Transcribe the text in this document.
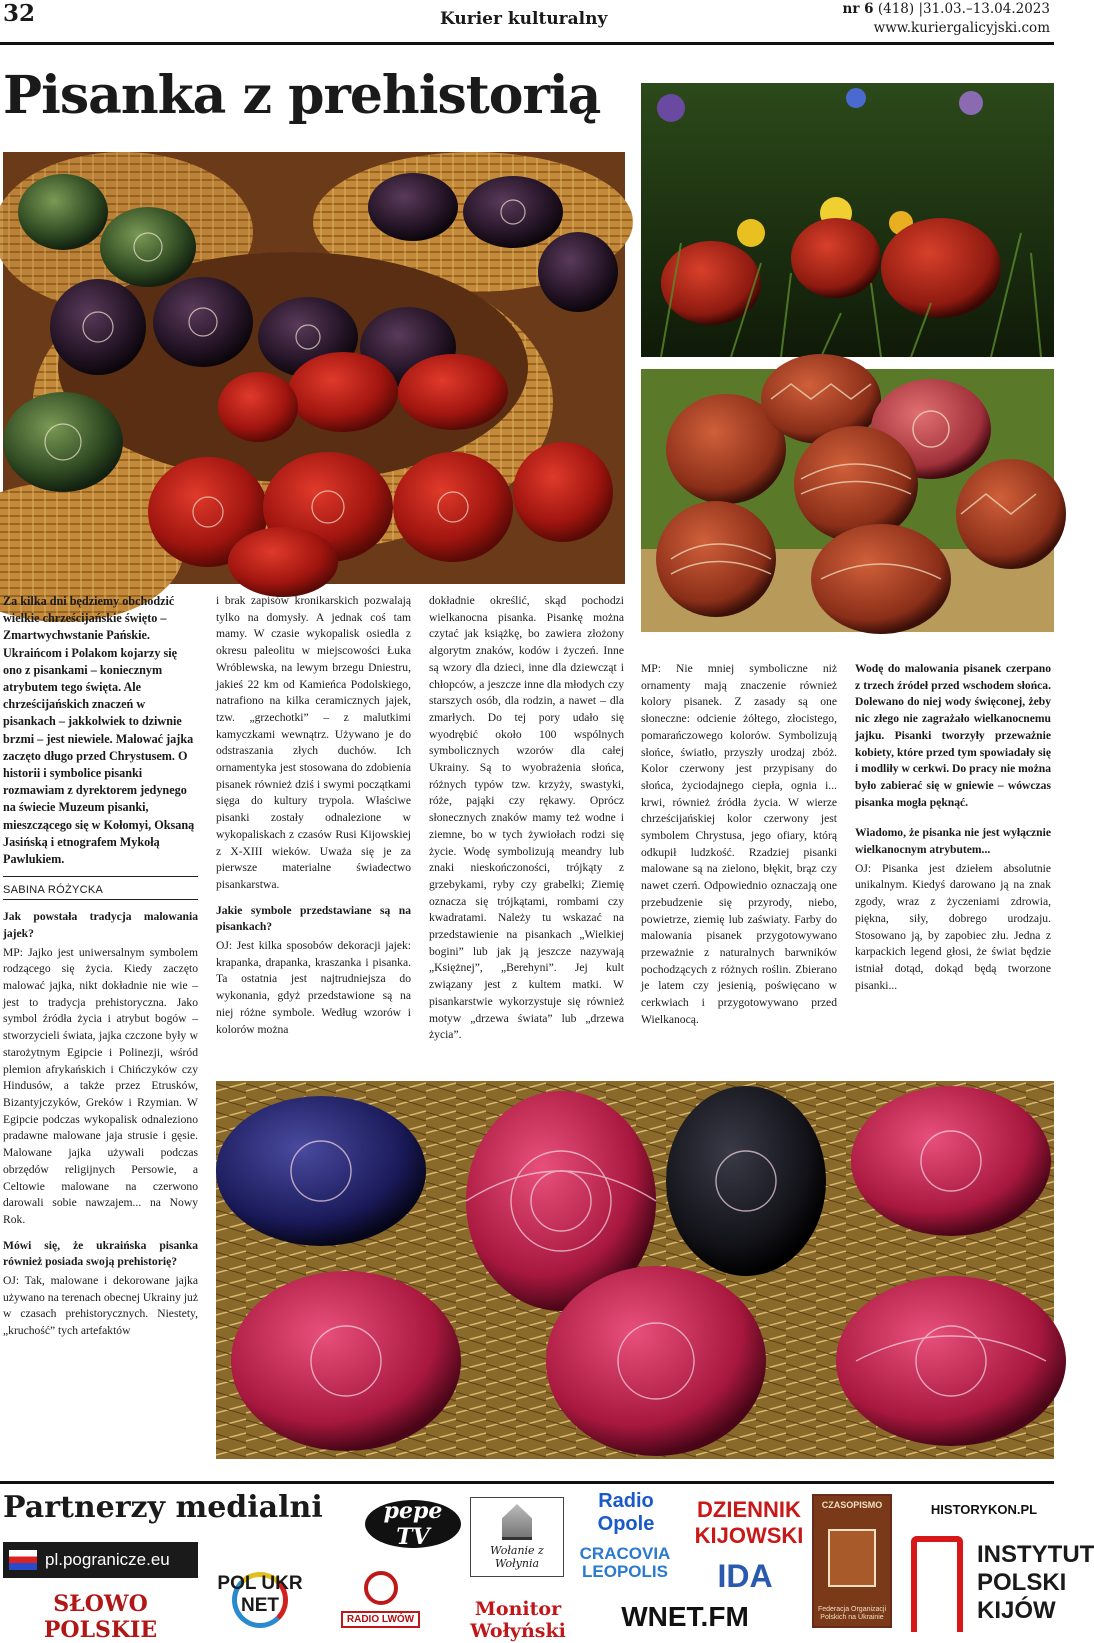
32	Kurier kulturalny	nr 6 (418) |31.03.–13.04.2023
www.kuriergalicyjski.com
Pisanka z prehistorią

Za kilka dni będziemy obchodzić wielkie chrześcijańskie święto – Zmartwychwstanie Pańskie. Ukraińcom i Polakom kojarzy się ono z pisankami – koniecznym atrybutem tego święta. Ale chrześcijańskich znaczeń w pisankach – jakkolwiek to dziwnie brzmi – jest niewiele. Malować jajka zaczęto długo przed Chrystusem. O historii i symbolice pisanki rozmawiam z dyrektorem jedynego na świecie Muzeum pisanki, mieszczącego się w Kołomyi, Oksaną Jasińską i etnografem Mykołą Pawlukiem.

SABINA RÓŻYCKA

Jak powstała tradycja malowania jajek?

MP: Jajko jest uniwersalnym symbolem rodzącego się życia. Kiedy zaczęto malować jajka, nikt dokładnie nie wie – jest to tradycja prehistoryczna. Jako symbol źródła życia i atrybut bogów – stworzycieli świata, jajka czczone były w starożytnym Egipcie i Polinezji, wśród plemion afrykańskich i Chińczyków czy Hindusów, a także przez Etrusków, Bizantyjczyków, Greków i Rzymian. W Egipcie podczas wykopalisk odnaleziono pradawne malowane jaja strusie i gęsie. Malowane jajka używali podczas obrzędów religijnych Persowie, a Celtowie malowane na czerwono darowali sobie nawzajem... na Nowy Rok.

Mówi się, że ukraińska pisanka również posiada swoją prehistorię?

OJ: Tak, malowane i dekorowane jajka używano na terenach obecnej Ukrainy już w czasach prehistorycznych. Niestety, „kruchość” tych artefaktów

i brak zapisów kronikarskich pozwalają tylko na domysły. A jednak coś tam mamy. W czasie wykopalisk osiedla z okresu paleolitu w miejscowości Łuka Wróblewska, na lewym brzegu Dniestru, jakieś 22 km od Kamieńca Podolskiego, natrafiono na kilka ceramicznych jajek, tzw. „grzechotki” – z malutkimi kamyczkami wewnątrz. Używano je do odstraszania złych duchów. Ich ornamentyka jest stosowana do zdobienia pisanek również dziś i swymi początkami sięga do kultury trypola. Właściwe pisanki zostały odnalezione w wykopaliskach z czasów Rusi Kijowskiej z X-XIII wieków. Uważa się je za pierwsze materialne świadectwo pisankarstwa.

Jakie symbole przedstawiane są na pisankach?

OJ: Jest kilka sposobów dekoracji jajek: krapanka, drapanka, kraszanka i pisanka. Ta ostatnia jest najtrudniejsza do wykonania, gdyż przedstawione są na niej różne symbole. Według wzorów i kolorów można

dokładnie określić, skąd pochodzi wielkanocna pisanka. Pisankę można czytać jak książkę, bo zawiera złożony algorytm znaków, kodów i życzeń. Inne są wzory dla dzieci, inne dla dziewcząt i chłopców, a jeszcze inne dla młodych czy starszych osób, dla rodzin, a nawet – dla zmarłych. Do tej pory udało się wyodrębić około 100 wspólnych symbolicznych wzorów dla całej Ukrainy. Są to wyobrażenia słońca, różnych typów tzw. krzyży, swastyki, róże, pająki czy rękawy. Oprócz słonecznych znaków mamy też wodne i ziemne, bo w tych żywiołach rodzi się życie. Wodę symbolizują meandry lub znaki nieskończoności, trójkąty z grzebykami, ryby czy grabelki; Ziemię oznacza się trójkątami, rombami czy kwadratami. Należy tu wskazać na przedstawienie na pisankach „Wielkiej bogini” lub jak ją jeszcze nazywają „Księżnej”, „Berehyni”. Jej kult związany jest z kultem matki. W pisankarstwie wykorzystuje się również motyw „drzewa świata” lub „drzewa życia”.

MP: Nie mniej symboliczne niż ornamenty mają znaczenie również kolory pisanek. Z zasady są one słoneczne: odcienie żółtego, złocistego, pomarańczowego kolorów. Symbolizują słońce, światło, przyszły urodzaj zbóż. Kolor czerwony jest przypisany do słońca, życiodajnego ciepła, ognia i... krwi, również źródła życia. W wierze chrześcijańskiej kolor czerwony jest symbolem Chrystusa, jego ofiary, którą odkupił ludzkość. Rzadziej pisanki malowane są na zielono, błękit, brąz czy nawet czerń. Odpowiednio oznaczają one przebudzenie się przyrody, niebo, powietrze, ziemię lub zaświaty. Farby do malowania pisanek przygotowywano przeważnie z naturalnych barwników pochodzących z różnych roślin. Zbierano je latem czy jesienią, poświęcano w cerkwiach i przygotowywano przed Wielkanocą.

Wodę do malowania pisanek czerpano z trzech źródeł przed wschodem słońca. Dolewano do niej wody święconej, żeby nic złego nie zagrażało wielkanocnemu jajku. Pisanki tworzyły przeważnie kobiety, które przed tym spowiadały się i modliły w cerkwi. Do pracy nie można było zabierać się w gniewie – wówczas pisanka mogła pęknąć.

Wiadomo, że pisanka nie jest wyłącznie wielkanocnym atrybutem...

OJ: Pisanka jest dziełem absolutnie unikalnym. Kiedyś darowano ją na znak zgody, wraz z życzeniami zdrowia, piękna, siły, dobrego urodzaju. Stosowano ją, by zapobiec złu. Jedna z karpackich legend głosi, że świat będzie istniał dotąd, dokąd będą tworzone pisanki...

Partnerzy medialni
pl.pogranicze.eu
SŁOWO POLSKIE
POL UKR NET
pepe TV
RADIO LWÓW
Wołanie z Wołynia
Monitor Wołyński
Radio Opole
CRACOVIA LEOPOLIS
WNET.FM
DZIENNIK KIJOWSKI
IDA
CZASOPISMO
Federacja Organizacji Polskich na Ukrainie
HISTORYKON.PL
INSTYTUT POLSKI KIJÓW
